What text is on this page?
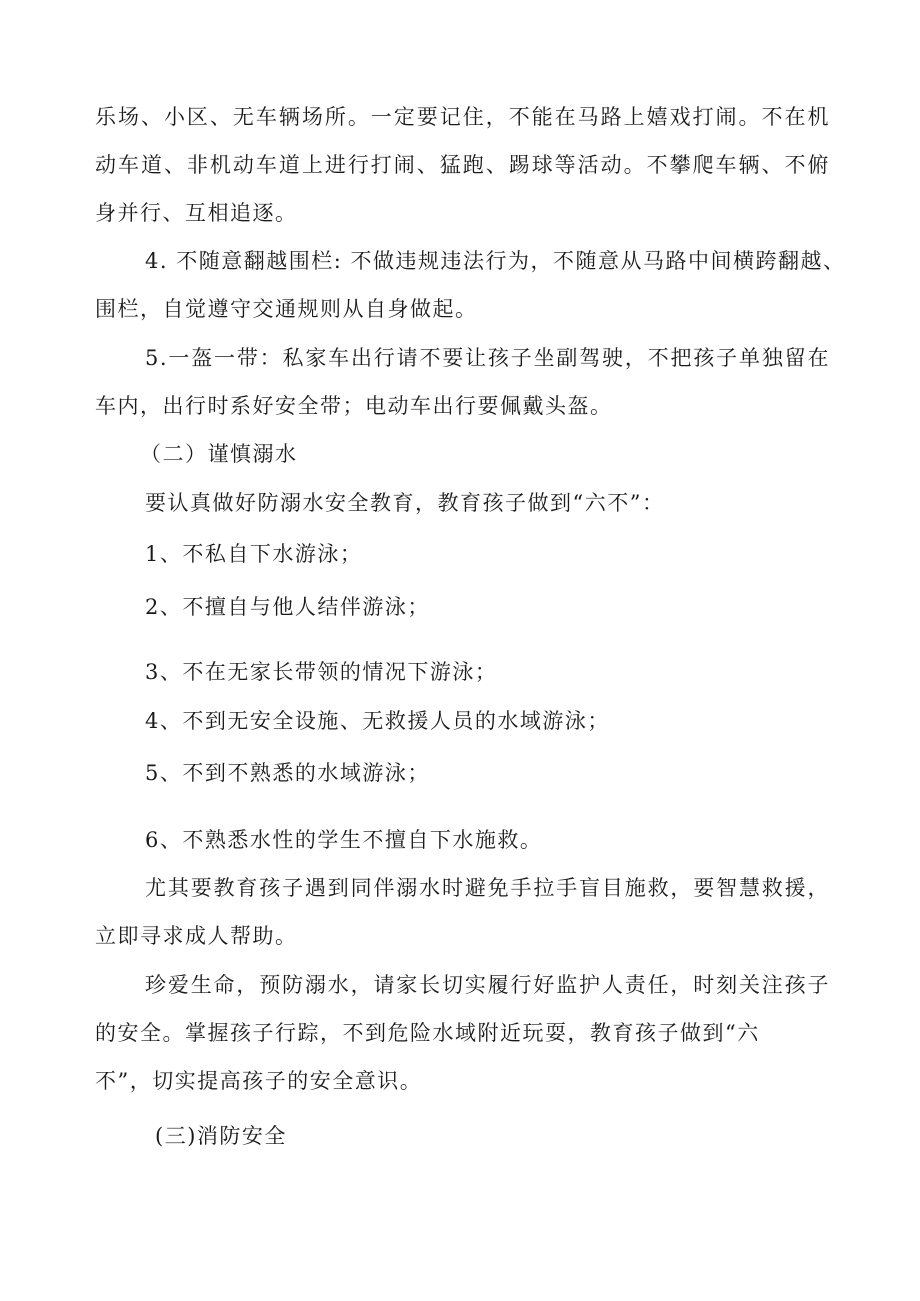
乐场、小区、无车辆场所。一定要记住，不能在马路上嬉戏打闹。不在机
动车道、非机动车道上进行打闹、猛跑、踢球等活动。不攀爬车辆、不俯
身并行、互相追逐。
4. 不随意翻越围栏: 不做违规违法行为，不随意从马路中间横跨翻越、
围栏，自觉遵守交通规则从自身做起。
5.一盔一带：私家车出行请不要让孩子坐副驾驶，不把孩子单独留在
车内，出行时系好安全带；电动车出行要佩戴头盔。
（二）谨慎溺水
要认真做好防溺水安全教育，教育孩子做到“六不”：
1、不私自下水游泳；
2、不擅自与他人结伴游泳；
3、不在无家长带领的情况下游泳；
4、不到无安全设施、无救援人员的水域游泳；
5、不到不熟悉的水域游泳；
6、不熟悉水性的学生不擅自下水施救。
尤其要教育孩子遇到同伴溺水时避免手拉手盲目施救，要智慧救援，
立即寻求成人帮助。
珍爱生命，预防溺水，请家长切实履行好监护人责任，时刻关注孩子
的安全。掌握孩子行踪，不到危险水域附近玩耍，教育孩子做到“六
不”，切实提高孩子的安全意识。
(三)消防安全
